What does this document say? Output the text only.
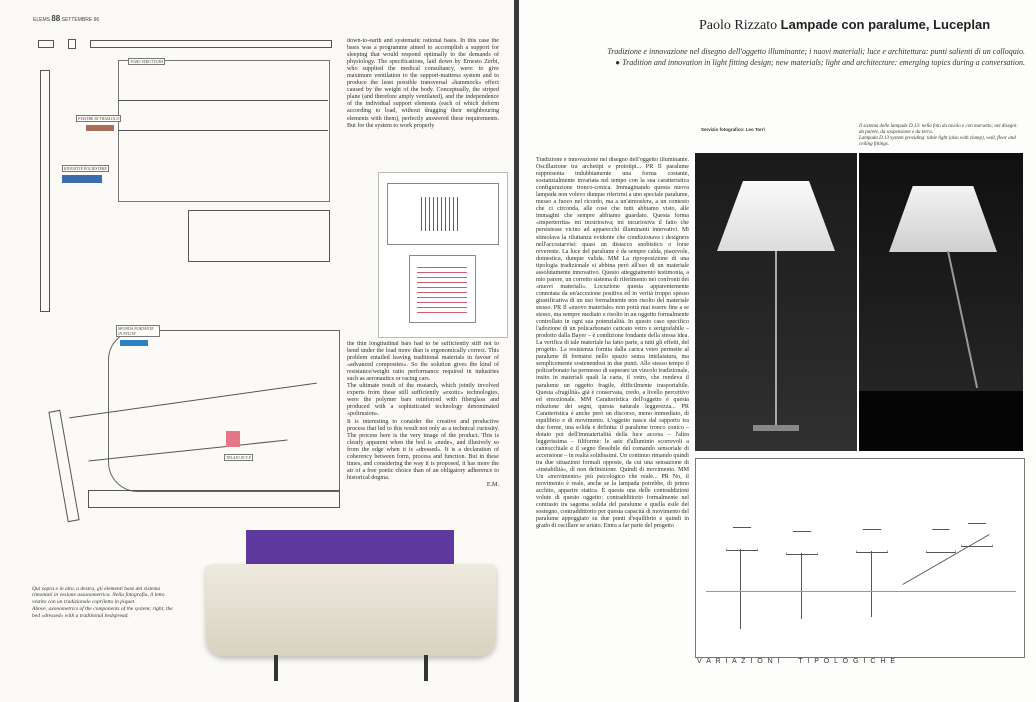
ELEMS 88 SETTEMBRE 96
TUBO STRUTTURA
PIASTRE DI TRASLOCO
RIVESTITE POLIESTERE
SPONDA PORTANTE IN NYLON
TELAIO IN T.F.

down-to-earth and systematic rational basis. In this case the basis was a programme aimed to accomplish a support for sleeping that would respond optimally to the demands of physiology. The specifications, laid down by Ernesto Zerbi, who supplied the medical consultancy, were: to give maximum ventilation to the support-mattress system and to produce the least possible transversal «hammock» effect caused by the weight of the body. Conceptually, the striped plane (and therefore amply ventilated), and the independence of the individual support elements (each of which deform according to load, without dragging their neighbouring elements with them), perfectly answered these requirements. But for the system to work properly

the thin longitudinal bars had to be sufficiently stiff not to bend under the load more than is ergonomically correct. This problem entailed leaving traditional materials in favour of «advanced composites». So the solution gives the kind of resistance/weight ratio performance required in industries such as aeronautics or racing cars.

The ultimate result of the research, which jointly involved experts from these still sufficiently «exotic» technologies, were the polymer bars reinforced with fiberglass and produced with a sophisticated technology denominated «poltrusion».

It is interesting to consider the creative and productive process that led to this result not only as a technical curiosity. The process here is the very image of the product. This is clearly apparent when the bed is «nude», and illusively so from the edge when it is «dressed». It is a declaration of coherency between form, process and function. But in these times, and considering the way it is proposed, it has more the air of a free poetic choice than of an obligatory adherence to historical dogma.

E.M.

Qui sopra e in alto, a destra, gli elementi base del sistema rimontati in vesione assonometrica. Nella fotografia, il letto vestito con un tradizionale copriletto in piquet.

Above, axonometrics of the components of the system; right, the bed «dressed» with a traditional bedspread.

Paolo Rizzato Lampade con paralume, Luceplan

Tradizione e innovazione nel disegno dell'oggetto illuminante; i nuovi materiali; luce e architettura: punti salienti di un colloquio.

● Tradition and innovation in light fitting design; new materials; light and architecture: emerging topics during a conversation.

Servizio fotografico: Leo Torri

Il sistema delle lampade D.13: nella foto da tavolo e con morsetto; nei disegni: da parete, da sospensione e da terra.

Lampada D.13 system providing: table light (also with clamp), wall, floor and ceiling fittings.

Tradizione e innovazione nel disegno dell'oggetto illuminante. Oscillazione tra archetipi e prototipi... PR Il paralume rappresenta indubbiamente una forma costante, sostanzialmente invariata nel tempo con la sua caratteristica configurazione tronco-conica. Immaginando questa nuova lampada non volevo dunque riferirmi a uno speciale paralume, messo a fuoco nel ricordo, ma a un'atmosfera, a un contesto che ci circonda, alle cose che tutti abbiamo visto, alle immagini che sempre abbiamo guardato. Questa forma «imperterrita» mi incuriosiva; mi incuriosiva il fatto che persistesse vicino ad apparecchi illuminanti innovativi. Mi stimolava la riluttanza evidente che condizionava i designers nell'accostarvisi: quasi un distacco snobistico o forse reverente. La luce del paralume è da sempre calda, piacevole, domestica, dunque valida. MM La riproposizione di una tipologia tradizionale si abbina però all'uso di un materiale assolutamente innovativo. Questo atteggiamento testimonia, a mio parere, un corretto sistema di riferimento nei confronti dei «nuovi materiali». Locuzione questa apparentemente connotata da un'accezione positiva ed in verità troppo spesso giustificativa di un uso formalmente non risolto del materiale stesso. PR Il «nuovo materiale» non potrà mai essere fine a se stesso, ma sempre mediato e risolto in un oggetto formalmente controllato in ogni sua potenzialità. In questo caso specifico l'adozione di un policarbonato caricato vetro e serigrafabile – prodotto dalla Bayer – è condizione fondante della stessa idea. La verifica di tale materiale ha fatto parte, a tutti gli effetti, del progetto. La resistenza fornita dalla carica vetro permette al paralume di formarsi nello spazio senza intelaiatura, ma semplicemente sostenendosi in due punti. Allo stesso tempo il policarbonato ha permesso di superare un vincolo tradizionale, insito in materiali quali la carta, il vetro, che rendeva il paralume un oggetto fragile, difficilmente trasportabile. Questa «fragilità» già è conservata, credo, a livello percettivo ed emozionale. MM Caratteristica dell'oggetto è questa riduzione dei segni, questa naturale leggerezza... PR Caratteristica è anche però un discorso, meno immediato, di equilibrio e di movimento. L'oggetto nasce dal rapporto tra due forme, una solida e definita: il paralume tronco conico – dotato poi dell'immaterialità della luce accesa – l'altra leggerissima – filiforme: le aste d'alluminio scorrevoli a cannocchiale e il segno flessibile del comando sensoriale di accensione – in realtà solidissimi. Un continuo rimando quindi tra due situazioni formali opposte, da cui una sensazione di «instabilità», di non definizione. Quindi di movimento. MM Un «movimento» più psicologico che reale... PR No, il movimento è reale, anche se la lampada potrebbe, di primo acchito, apparire statica. È questa una delle contraddizioni volute di questo oggetto: contraddittorio formalmente nel contrasto tra sagoma solida del paralume e quella esile del sostegno, contraddittorio per questa capacità di movimento del paralume appoggiato su due punti d'equilibrio e quindi in grado di oscillare se urtato. Entra a far parte del progetto

V A R I A Z I O N I     T I P O L O G I C H E
